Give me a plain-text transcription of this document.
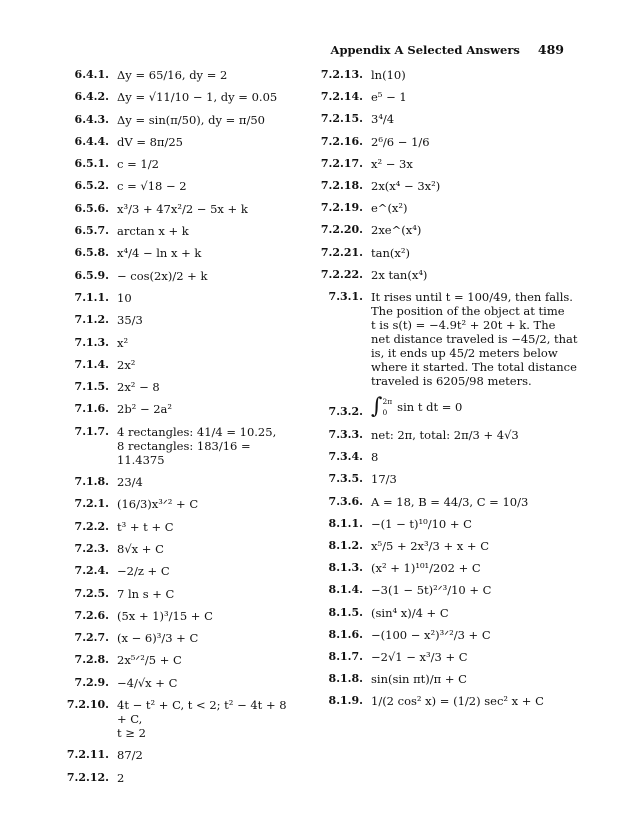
Appendix A Selected Answers 489
6.4.1. Δy = 65/16, dy = 2
6.4.2. Δy = √11/10 − 1, dy = 0.05
6.4.3. Δy = sin(π/50), dy = π/50
6.4.4. dV = 8π/25
6.5.1. c = 1/2
6.5.2. c = √18 − 2
6.5.6. x³/3 + 47x²/2 − 5x + k
6.5.7. arctan x + k
6.5.8. x⁴/4 − ln x + k
6.5.9. − cos(2x)/2 + k
7.1.1. 10
7.1.2. 35/3
7.1.3. x²
7.1.4. 2x²
7.1.5. 2x² − 8
7.1.6. 2b² − 2a²
7.1.7. 4 rectangles: 41/4 = 10.25,
8 rectangles: 183/16 = 11.4375
7.1.8. 23/4
7.2.1. (16/3)x³ᐟ² + C
7.2.2. t³ + t + C
7.2.3. 8√x + C
7.2.4. −2/z + C
7.2.5. 7 ln s + C
7.2.6. (5x + 1)³/15 + C
7.2.7. (x − 6)³/3 + C
7.2.8. 2x⁵ᐟ²/5 + C
7.2.9. −4/√x + C
7.2.10. 4t − t² + C, t < 2; t² − 4t + 8 + C,
t ≥ 2
7.2.11. 87/2
7.2.12. 2
7.2.13. ln(10)
7.2.14. e⁵ − 1
7.2.15. 3⁴/4
7.2.16. 2⁶/6 − 1/6
7.2.17. x² − 3x
7.2.18. 2x(x⁴ − 3x²)
7.2.19. e^(x²)
7.2.20. 2xe^(x⁴)
7.2.21. tan(x²)
7.2.22. 2x tan(x⁴)
7.3.1. It rises until t = 100/49, then falls.
The position of the object at time
t is s(t) = −4.9t² + 20t + k. The
net distance traveled is −45/2, that
is, it ends up 45/2 meters below
where it started. The total distance
traveled is 6205/98 meters.
7.3.2. ∫ 2π
0 sin t dt = 0
7.3.3. net: 2π, total: 2π/3 + 4√3
7.3.4. 8
7.3.5. 17/3
7.3.6. A = 18, B = 44/3, C = 10/3
8.1.1. −(1 − t)¹⁰/10 + C
8.1.2. x⁵/5 + 2x³/3 + x + C
8.1.3. (x² + 1)¹⁰¹/202 + C
8.1.4. −3(1 − 5t)²ᐟ³/10 + C
8.1.5. (sin⁴ x)/4 + C
8.1.6. −(100 − x²)³ᐟ²/3 + C
8.1.7. −2√1 − x³/3 + C
8.1.8. sin(sin πt)/π + C
8.1.9. 1/(2 cos² x) = (1/2) sec² x + C
